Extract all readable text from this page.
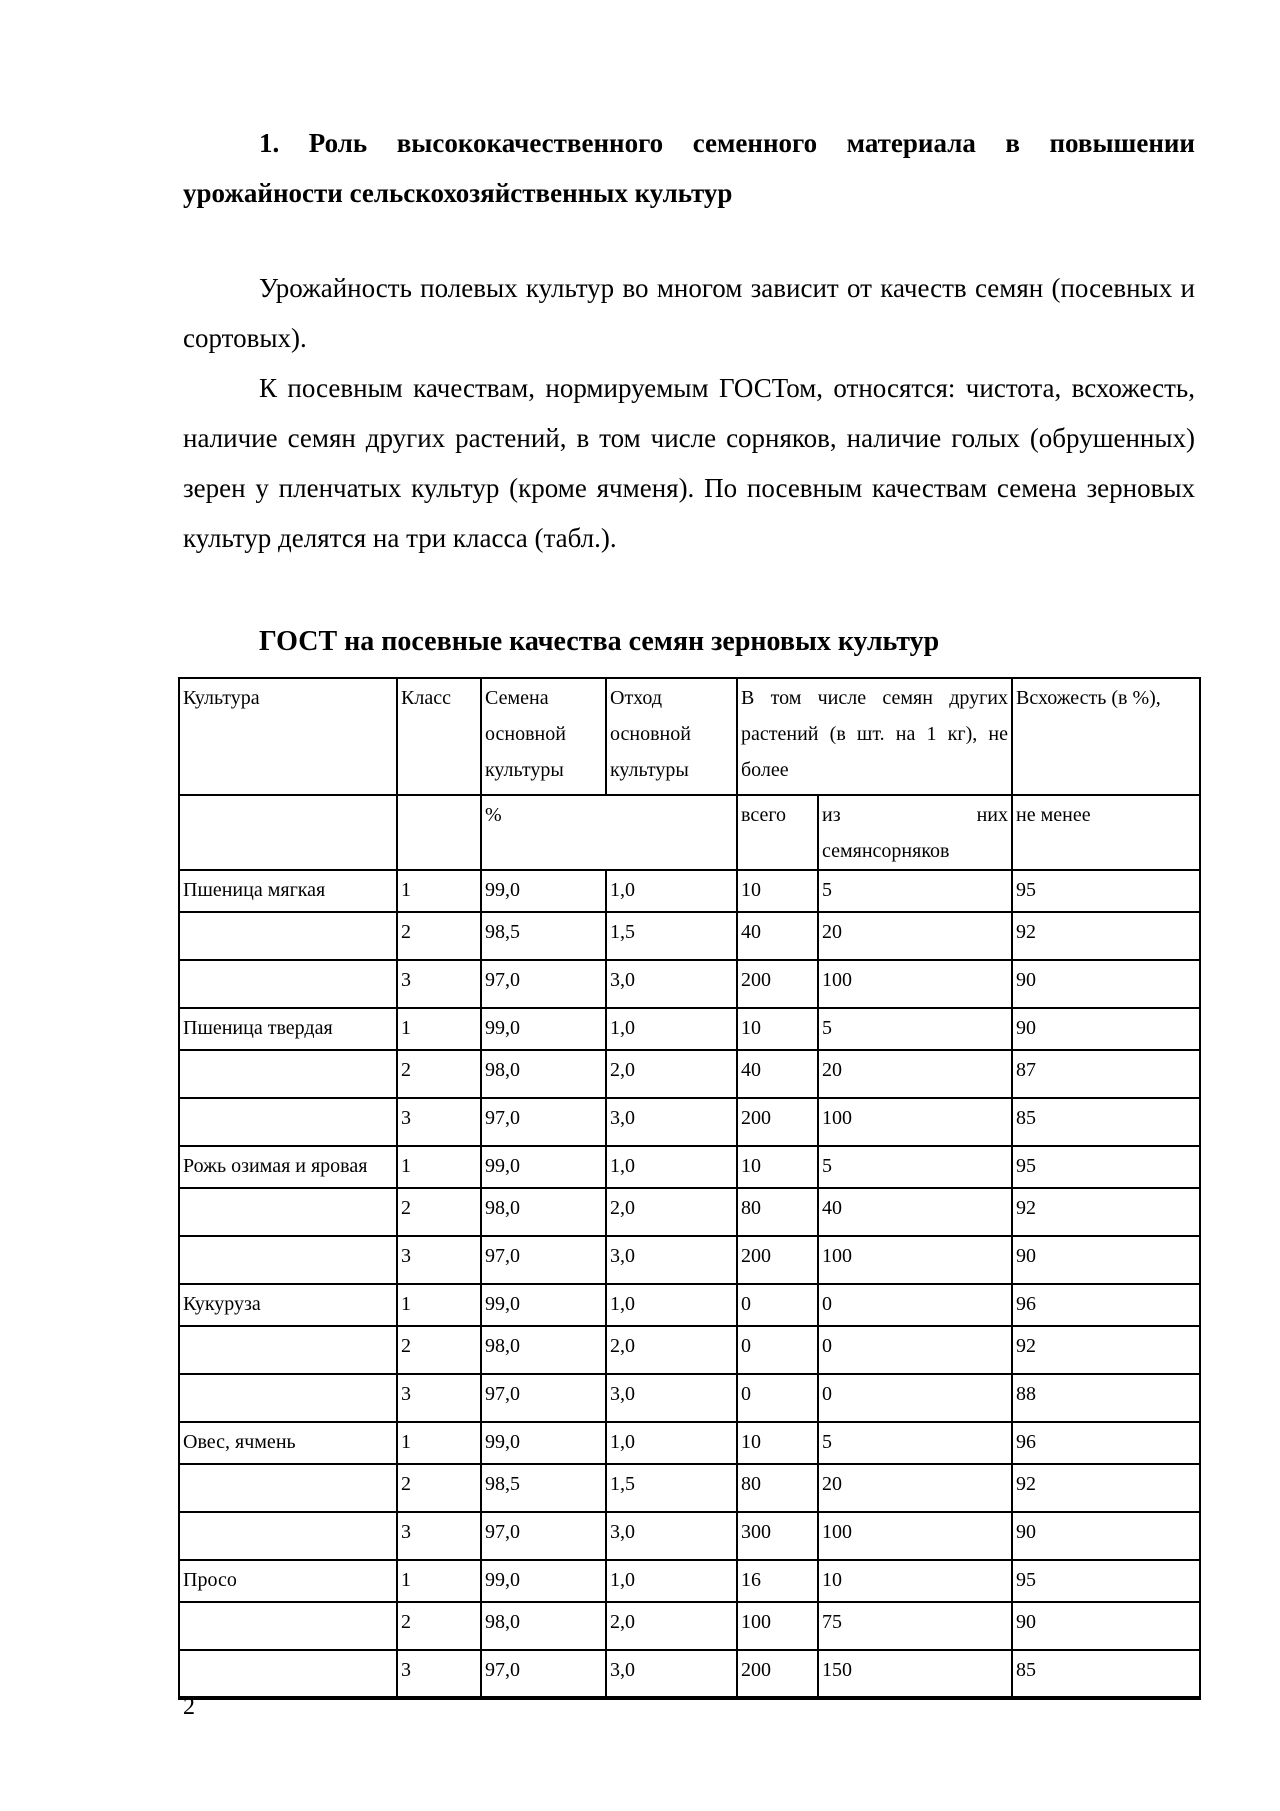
1. Роль высококачественного семенного материала в повышении урожайности сельскохозяйственных культур

Урожайность полевых культур во многом зависит от качеств семян (посевных и сортовых).

К посевным качествам, нормируемым ГОСТом, относятся: чистота, всхожесть, наличие семян других растений, в том числе сорняков, наличие голых (обрушенных) зерен у пленчатых культур (кроме ячменя). По посевным качествам семена зерновых культур делятся на три класса (табл.).

ГОСТ на посевные качества семян зерновых культур
Культура	Класс	Семена основной культуры	Отход основной культуры	В том числе семян других растений (в шт. на 1 кг), не более		Всхожесть (в %),
		%		всего	из них семянсорняков	не менее
Пшеница мягкая	1	99,0	1,0	10	5	95
	2	98,5	1,5	40	20	92
	3	97,0	3,0	200	100	90
Пшеница твердая	1	99,0	1,0	10	5	90
	2	98,0	2,0	40	20	87
	3	97,0	3,0	200	100	85
Рожь озимая и яровая	1	99,0	1,0	10	5	95
	2	98,0	2,0	80	40	92
	3	97,0	3,0	200	100	90
Кукуруза	1	99,0	1,0	0	0	96
	2	98,0	2,0	0	0	92
	3	97,0	3,0	0	0	88
Овес, ячмень	1	99,0	1,0	10	5	96
	2	98,5	1,5	80	20	92
	3	97,0	3,0	300	100	90
Просо	1	99,0	1,0	16	10	95
	2	98,0	2,0	100	75	90
	3	97,0	3,0	200	150	85
2
